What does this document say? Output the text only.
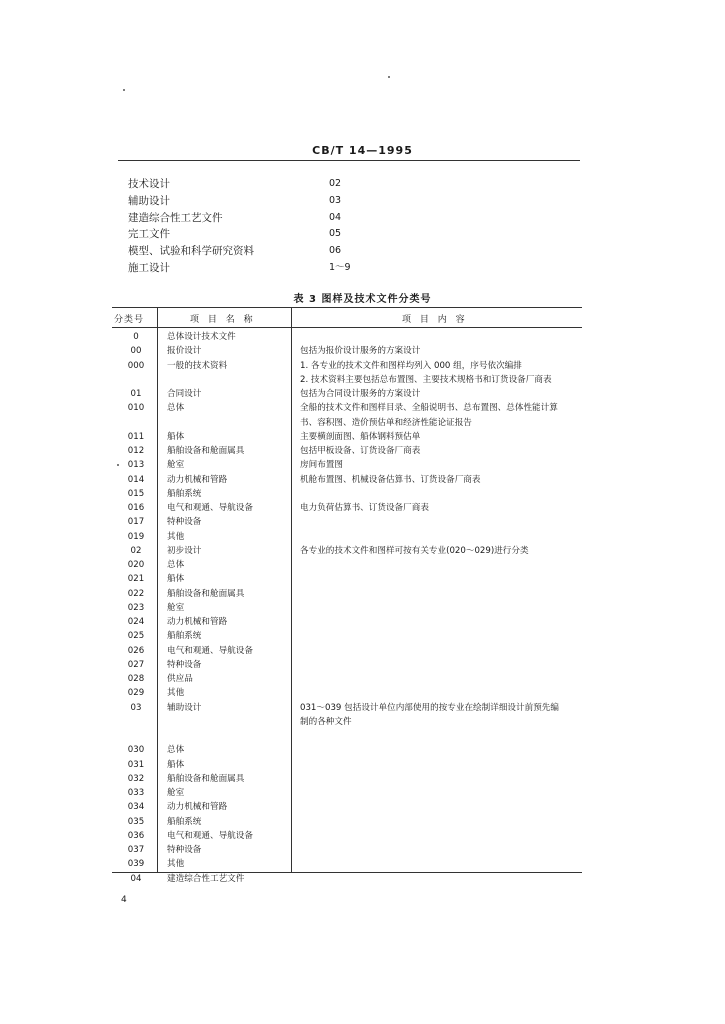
CB/T 14—1995
技术设计	02
辅助设计	03
建造综合性工艺文件	04
完工文件	05
模型、试验和科学研究资料	06
施工设计	1～9
表 3 图样及技术文件分类号
分类号	项 目 名 称	项 目 内 容
0	总体设计技术文件
00	报价设计	包括为报价设计服务的方案设计
000	一般的技术资料	1. 各专业的技术文件和图样均列入 000 组，序号依次编排
2. 技术资料主要包括总布置图、主要技术规格书和订货设备厂商表
01	合同设计	包括为合同设计服务的方案设计
010	总体	全船的技术文件和图样目录、全船说明书、总布置图、总体性能计算
书、容积图、造价预估单和经济性能论证报告
011	船体	主要横剖面图、船体钢料预估单
012	船舶设备和舱面属具	包括甲板设备、订货设备厂商表
013	舱室	房间布置图
014	动力机械和管路	机舱布置图、机械设备估算书、订货设备厂商表
015	船舶系统
016	电气和观通、导航设备	电力负荷估算书、订货设备厂商表
017	特种设备
019	其他
02	初步设计	各专业的技术文件和图样可按有关专业(020～029)进行分类
020	总体
021	船体
022	船舶设备和舱面属具
023	舱室
024	动力机械和管路
025	船舶系统
026	电气和观通、导航设备
027	特种设备
028	供应品
029	其他
03	辅助设计	031～039 包括设计单位内部使用的按专业在绘制详细设计前预先编
制的各种文件
030	总体
031	船体
032	船舶设备和舱面属具
033	舱室
034	动力机械和管路
035	船舶系统
036	电气和观通、导航设备
037	特种设备
039	其他
04	建造综合性工艺文件
4
